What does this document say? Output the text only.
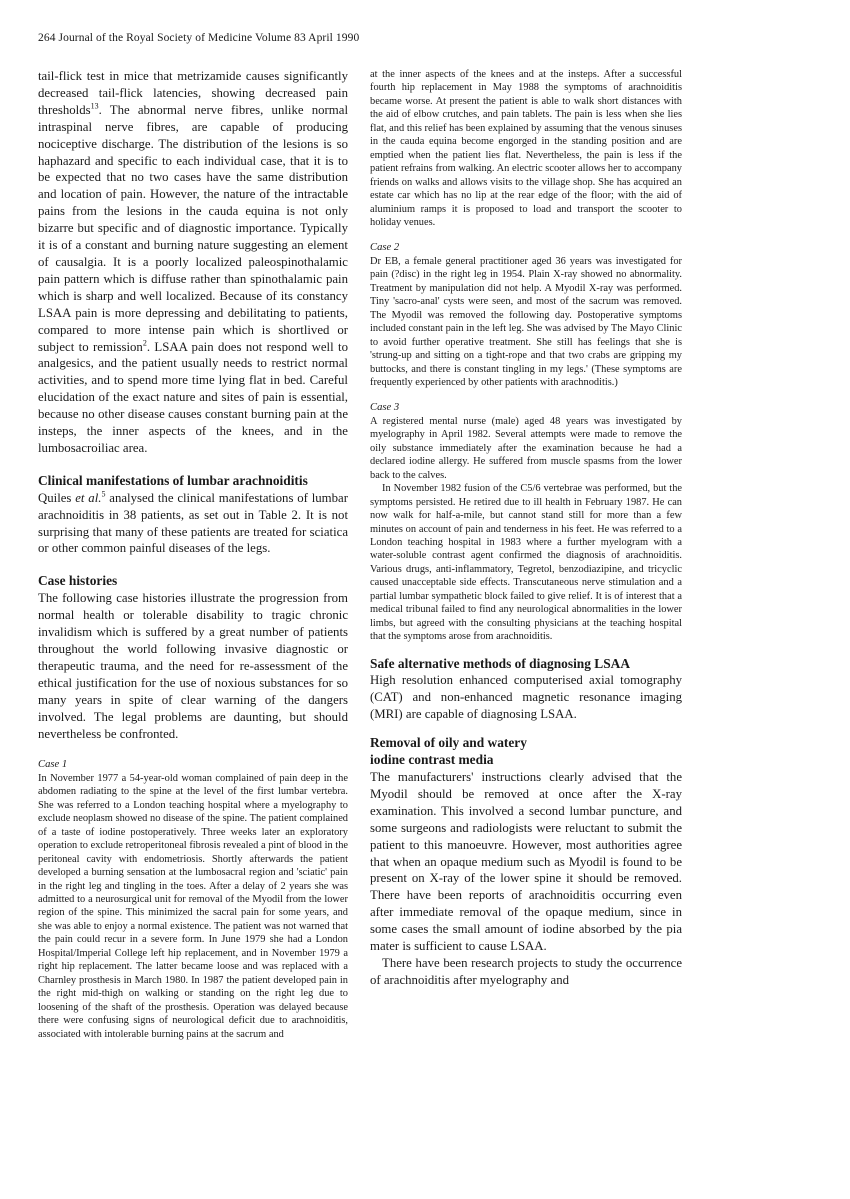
264 Journal of the Royal Society of Medicine Volume 83 April 1990

tail-flick test in mice that metrizamide causes significantly decreased tail-flick latencies, showing decreased pain thresholds$^{13}$. The abnormal nerve fibres, unlike normal intraspinal nerve fibres, are capable of producing nociceptive discharge. The distribution of the lesions is so haphazard and specific to each individual case, that it is to be expected that no two cases have the same distribution and location of pain. However, the nature of the intractable pains from the lesions in the cauda equina is not only bizarre but specific and of diagnostic importance. Typically it is of a constant and burning nature suggesting an element of causalgia. It is a poorly localized paleospinothalamic pain pattern which is diffuse rather than spinothalamic pain which is sharp and well localized. Because of its constancy LSAA pain is more depressing and debilitating to patients, compared to more intense pain which is shortlived or subject to remission$^2$. LSAA pain does not respond well to analgesics, and the patient usually needs to restrict normal activities, and to spend more time lying flat in bed. Careful elucidation of the exact nature and sites of pain is essential, because no other disease causes constant burning pain at the insteps, the inner aspects of the knees, and in the lumbosacroiliac area.

Clinical manifestations of lumbar arachnoiditis

Quiles et al.$^5$ analysed the clinical manifestations of lumbar arachnoiditis in 38 patients, as set out in Table 2. It is not surprising that many of these patients are treated for sciatica or other common painful diseases of the legs.

Case histories

The following case histories illustrate the progression from normal health or tolerable disability to tragic chronic invalidism which is suffered by a great number of patients throughout the world following invasive diagnostic or therapeutic trauma, and the need for re-assessment of the ethical justification for the use of noxious substances for so many years in spite of clear warning of the dangers involved. The legal problems are daunting, but should nevertheless be confronted.

Case 1

In November 1977 a 54-year-old woman complained of pain deep in the abdomen radiating to the spine at the level of the first lumbar vertebra. She was referred to a London teaching hospital where a myelography to exclude neoplasm showed no disease of the spine. The patient complained of a taste of iodine postoperatively. Three weeks later an exploratory operation to exclude retroperitoneal fibrosis revealed a pint of blood in the peritoneal cavity with endometriosis. Shortly afterwards the patient developed a burning sensation at the lumbosacral region and 'sciatic' pain in the right leg and tingling in the toes. After a delay of 2 years she was admitted to a neurosurgical unit for removal of the Myodil from the lower region of the spine. This minimized the sacral pain for some years, and she was able to enjoy a normal existence. The patient was not warned that the pain could recur in a severe form. In June 1979 she had a London Hospital/Imperial College left hip replacement, and in November 1979 a right hip replacement. The latter became loose and was replaced with a Charnley prosthesis in March 1980. In 1987 the patient developed pain in the right mid-thigh on walking or standing on the right leg due to loosening of the shaft of the prosthesis. Operation was delayed because there were confusing signs of neurological deficit due to arachnoiditis, associated with intolerable burning pains at the sacrum and

at the inner aspects of the knees and at the insteps. After a successful fourth hip replacement in May 1988 the symptoms of arachnoiditis became worse. At present the patient is able to walk short distances with the aid of elbow crutches, and pain tablets. The pain is less when she lies flat, and this relief has been explained by assuming that the venous sinuses in the cauda equina become engorged in the standing position and are emptied when the patient lies flat. Nevertheless, the pain is less if the patient refrains from walking. An electric scooter allows her to accompany friends on walks and allows visits to the village shop. She has acquired an estate car which has no lip at the rear edge of the floor; with the aid of aluminium ramps it is proposed to load and transport the scooter to holiday venues.

Case 2

Dr EB, a female general practitioner aged 36 years was investigated for pain (?disc) in the right leg in 1954. Plain X-ray showed no abnormality. Treatment by manipulation did not help. A Myodil X-ray was performed. Tiny 'sacro-anal' cysts were seen, and most of the sacrum was removed. The Myodil was removed the following day. Postoperative symptoms included constant pain in the left leg. She was advised by The Mayo Clinic to avoid further operative treatment. She still has feelings that she is 'strung-up and sitting on a tight-rope and that two crabs are gripping my buttocks, and there is constant tingling in my legs.' (These symptoms are frequently experienced by other patients with arachnoditis.)

Case 3

A registered mental nurse (male) aged 48 years was investigated by myelography in April 1982. Several attempts were made to remove the oily substance immediately after the examination because he had a declared iodine allergy. He suffered from muscle spasms from the lower back to the calves.

In November 1982 fusion of the C5/6 vertebrae was performed, but the symptoms persisted. He retired due to ill health in February 1987. He can now walk for half-a-mile, but cannot stand still for more than a few minutes on account of pain and tenderness in his feet. He was referred to a London teaching hospital in 1983 where a further myelogram with a water-soluble contrast agent confirmed the diagnosis of arachnoiditis. Various drugs, anti-inflammatory, Tegretol, benzodiazipine, and tricyclic caused unacceptable side effects. Transcutaneous nerve stimulation and a partial lumbar sympathetic block failed to give relief. It is of interest that a medical tribunal failed to find any neurological abnormalities in the lower limbs, but agreed with the consulting physicians at the teaching hospital that the symptoms arose from arachnoiditis.

Safe alternative methods of diagnosing LSAA

High resolution enhanced computerised axial tomography (CAT) and non-enhanced magnetic resonance imaging (MRI) are capable of diagnosing LSAA.

Removal of oily and watery
iodine contrast media

The manufacturers' instructions clearly advised that the Myodil should be removed at once after the X-ray examination. This involved a second lumbar puncture, and some surgeons and radiologists were reluctant to submit the patient to this manoeuvre. However, most authorities agree that when an opaque medium such as Myodil is found to be present on X-ray of the lower spine it should be removed. There have been reports of arachnoiditis occurring even after immediate removal of the opaque medium, since in some cases the small amount of iodine absorbed by the pia mater is sufficient to cause LSAA.

There have been research projects to study the occurrence of arachnoiditis after myelography and
